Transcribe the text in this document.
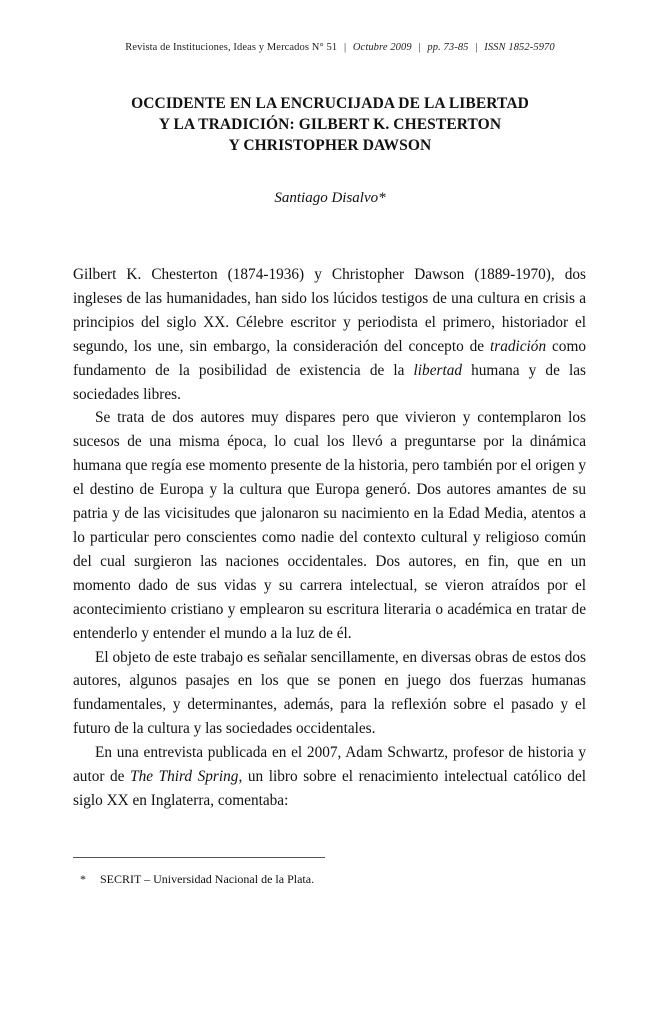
Revista de Instituciones, Ideas y Mercados N° 51 | Octubre 2009 | pp. 73-85 | ISSN 1852-5970
OCCIDENTE EN LA ENCRUCIJADA DE LA LIBERTAD
Y LA TRADICIÓN: GILBERT K. CHESTERTON
Y CHRISTOPHER DAWSON
Santiago Disalvo*

Gilbert K. Chesterton (1874-1936) y Christopher Dawson (1889-1970), dos ingleses de las humanidades, han sido los lúcidos testigos de una cultura en crisis a principios del siglo XX. Célebre escritor y periodista el primero, historiador el segundo, los une, sin embargo, la consideración del concepto de tradición como fundamento de la posibilidad de existencia de la libertad humana y de las sociedades libres.

Se trata de dos autores muy dispares pero que vivieron y contemplaron los sucesos de una misma época, lo cual los llevó a preguntarse por la dinámica humana que regía ese momento presente de la historia, pero también por el origen y el destino de Europa y la cultura que Europa generó. Dos autores amantes de su patria y de las vicisitudes que jalonaron su nacimiento en la Edad Media, atentos a lo particular pero conscientes como nadie del contexto cultural y religioso común del cual surgieron las naciones occidentales. Dos autores, en fin, que en un momento dado de sus vidas y su carrera intelectual, se vieron atraídos por el acontecimiento cristiano y emplearon su escritura literaria o académica en tratar de entenderlo y entender el mundo a la luz de él.

El objeto de este trabajo es señalar sencillamente, en diversas obras de estos dos autores, algunos pasajes en los que se ponen en juego dos fuerzas humanas fundamentales, y determinantes, además, para la reflexión sobre el pasado y el futuro de la cultura y las sociedades occidentales.

En una entrevista publicada en el 2007, Adam Schwartz, profesor de historia y autor de The Third Spring, un libro sobre el renacimiento intelectual católico del siglo XX en Inglaterra, comentaba:

* SECRIT – Universidad Nacional de la Plata.
